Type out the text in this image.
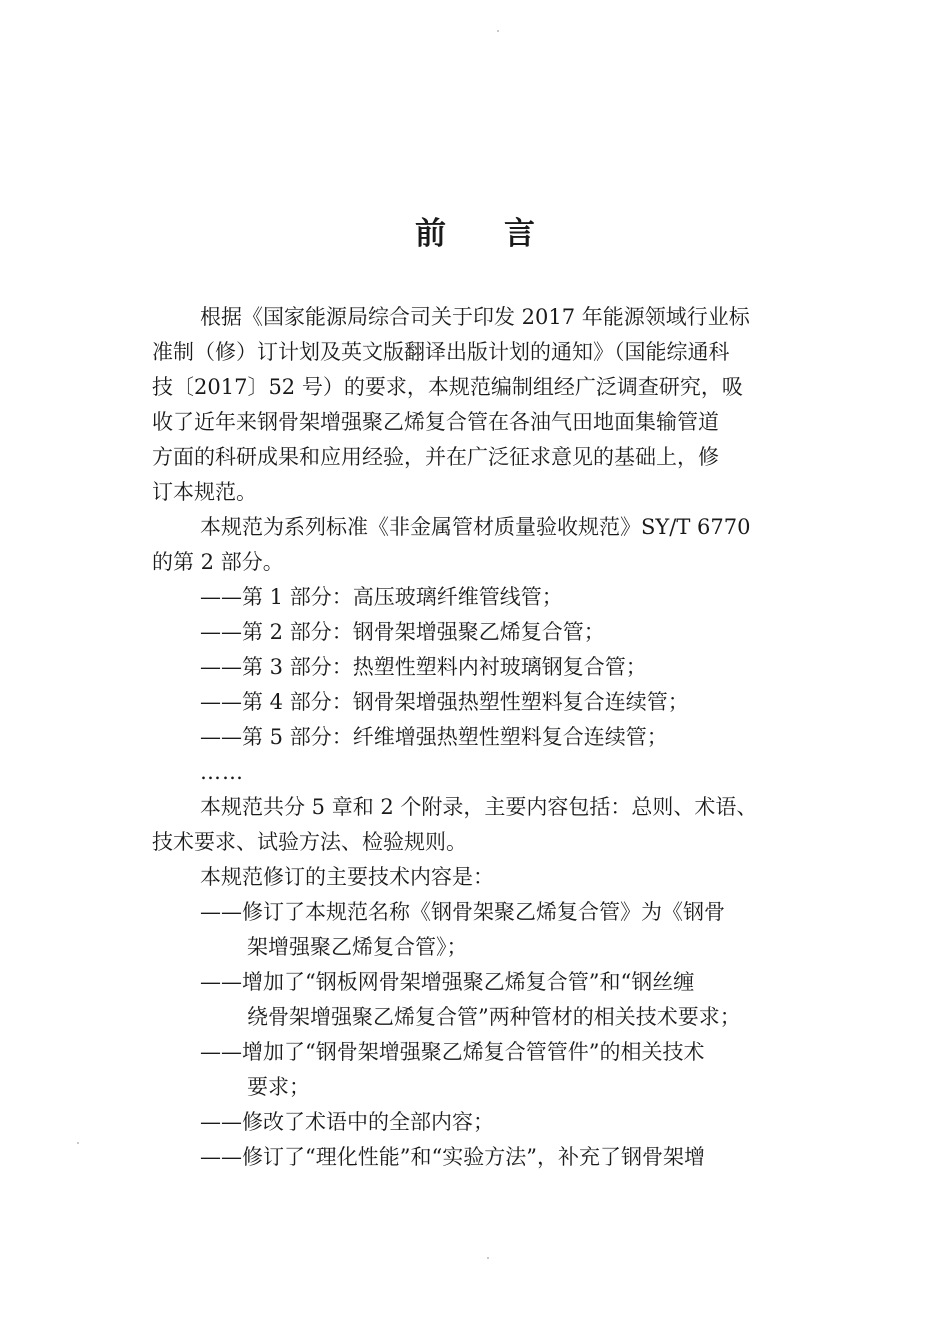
前 言

根据《国家能源局综合司关于印发 2017 年能源领域行业标
准制（修）订计划及英文版翻译出版计划的通知》（国能综通科
技〔2017〕52 号）的要求，本规范编制组经广泛调查研究，吸
收了近年来钢骨架增强聚乙烯复合管在各油气田地面集输管道
方面的科研成果和应用经验，并在广泛征求意见的基础上，修
订本规范。

本规范为系列标准《非金属管材质量验收规范》SY/T 6770
的第 2 部分。

——第 1 部分：高压玻璃纤维管线管；

——第 2 部分：钢骨架增强聚乙烯复合管；

——第 3 部分：热塑性塑料内衬玻璃钢复合管；

——第 4 部分：钢骨架增强热塑性塑料复合连续管；

——第 5 部分：纤维增强热塑性塑料复合连续管；

……

本规范共分 5 章和 2 个附录，主要内容包括：总则、术语、
技术要求、试验方法、检验规则。

本规范修订的主要技术内容是：

——修订了本规范名称《钢骨架聚乙烯复合管》为《钢骨
架增强聚乙烯复合管》；

——增加了“钢板网骨架增强聚乙烯复合管”和“钢丝缠
绕骨架增强聚乙烯复合管”两种管材的相关技术要求；

——增加了“钢骨架增强聚乙烯复合管管件”的相关技术
要求；

——修改了术语中的全部内容；

——修订了“理化性能”和“实验方法”，补充了钢骨架增
